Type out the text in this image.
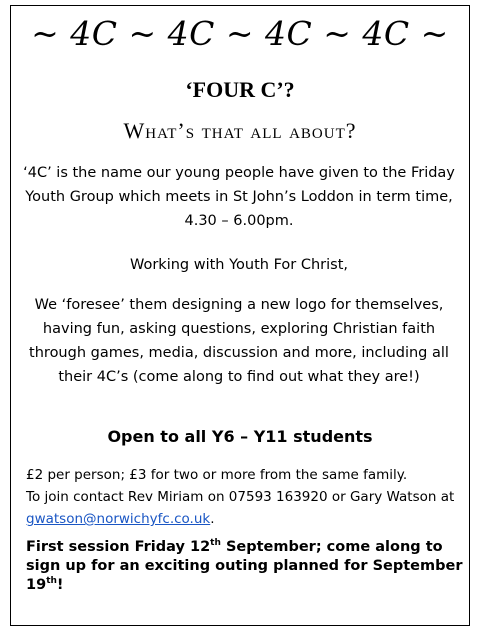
~ 4C ~ 4C ~ 4C ~ 4C ~
‘FOUR C’?
What’s that all about?
‘4C’ is the name our young people have given to the Friday Youth Group which meets in St John’s Loddon in term time, 4.30 – 6.00pm.
Working with Youth For Christ,
We ‘foresee’ them designing a new logo for themselves, having fun, asking questions, exploring Christian faith through games, media, discussion and more, including all their 4C’s (come along to find out what they are!)
Open to all Y6 – Y11 students
£2 per person; £3 for two or more from the same family.
To join contact Rev Miriam on 07593 163920 or Gary Watson at gwatson@norwichyfc.co.uk.
First session Friday 12th September; come along to sign up for an exciting outing planned for September 19th!
